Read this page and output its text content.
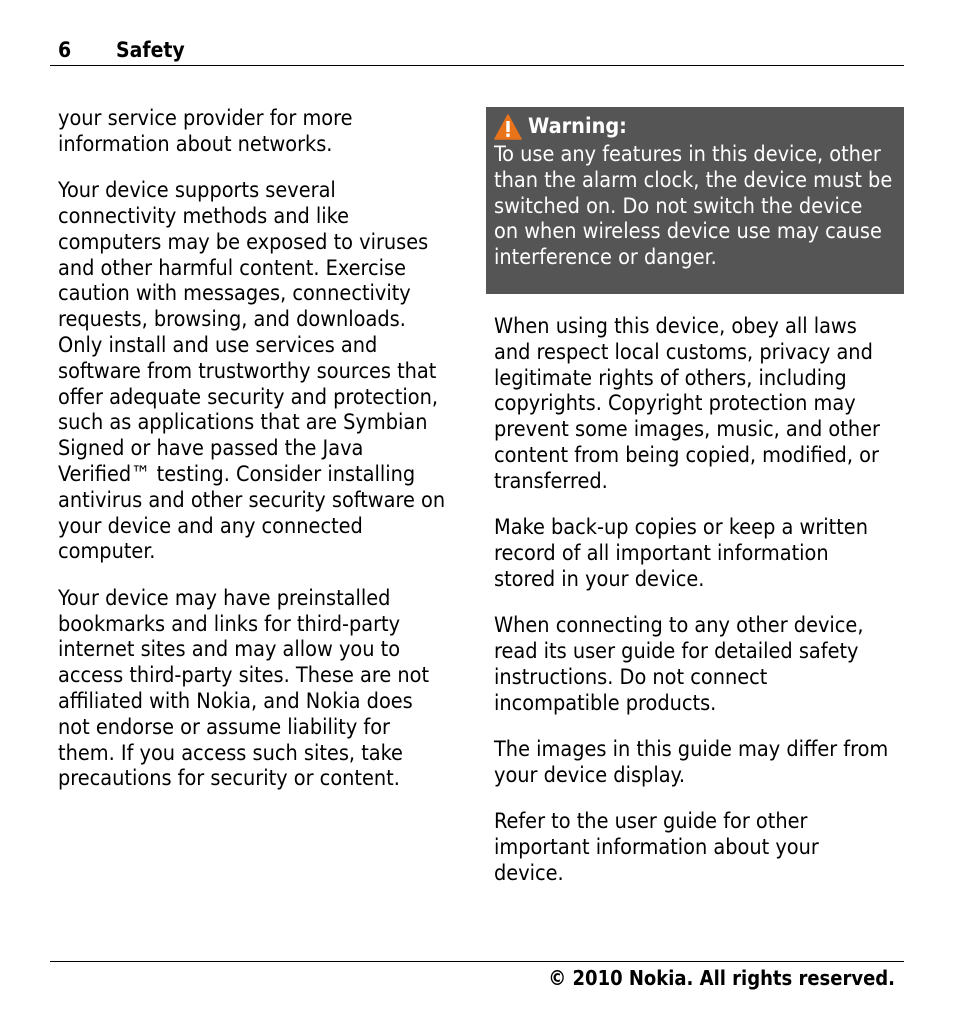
6 Safety

your service provider for more
information about networks.

Your device supports several
connectivity methods and like
computers may be exposed to viruses
and other harmful content. Exercise
caution with messages, connectivity
requests, browsing, and downloads.
Only install and use services and
software from trustworthy sources that
offer adequate security and protection,
such as applications that are Symbian
Signed or have passed the Java
Verified™ testing. Consider installing
antivirus and other security software on
your device and any connected
computer.

Your device may have preinstalled
bookmarks and links for third-party
internet sites and may allow you to
access third-party sites. These are not
affiliated with Nokia, and Nokia does
not endorse or assume liability for
them. If you access such sites, take
precautions for security or content.

Warning:

To use any features in this device, other
than the alarm clock, the device must be
switched on. Do not switch the device
on when wireless device use may cause
interference or danger.

When using this device, obey all laws
and respect local customs, privacy and
legitimate rights of others, including
copyrights. Copyright protection may
prevent some images, music, and other
content from being copied, modified, or
transferred.

Make back-up copies or keep a written
record of all important information
stored in your device.

When connecting to any other device,
read its user guide for detailed safety
instructions. Do not connect
incompatible products.

The images in this guide may differ from
your device display.

Refer to the user guide for other
important information about your
device.

© 2010 Nokia. All rights reserved.
